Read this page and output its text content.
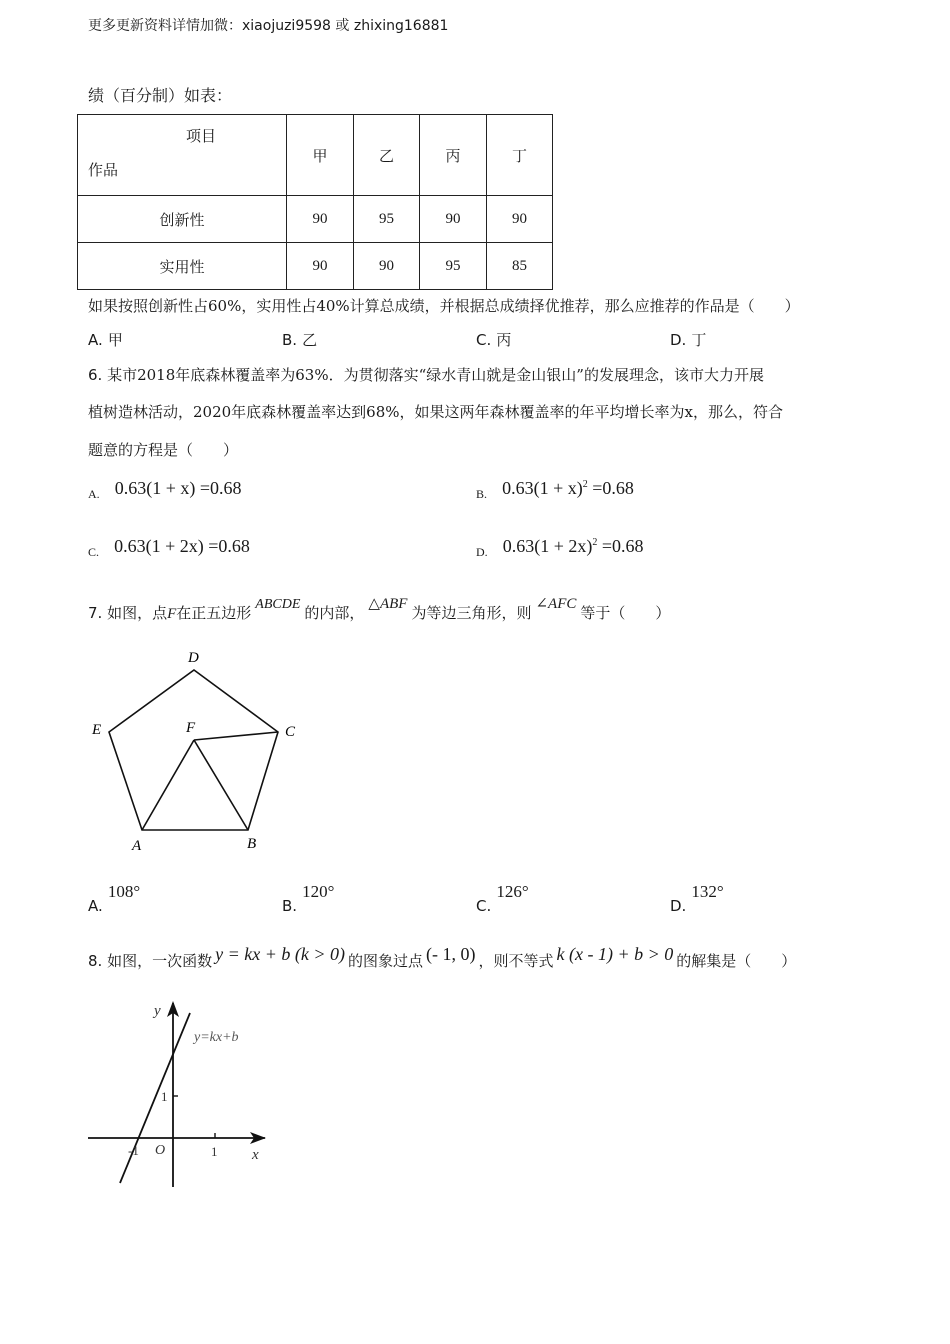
更多更新资料详情加微：xiaojuzi9598 或 zhixing16881
绩（百分制）如表：
项目
作品	甲	乙	丙	丁
创新性	90	95	90	90
实用性	90	90	95	85
如果按照创新性占60%，实用性占40%计算总成绩，并根据总成绩择优推荐，那么应推荐的作品是（　　）
A. 甲	B. 乙	C. 丙	D. 丁
6. 某市2018年底森林覆盖率为63%．为贯彻落实“绿水青山就是金山银山”的发展理念，该市大力开展
植树造林活动，2020年底森林覆盖率达到68%，如果这两年森林覆盖率的年平均增长率为x，那么，符合
题意的方程是（　　）
$_{A.}$ 0.63(1 + x) =0.68	$_{B.}$ $0.63(1 + x)^2 =0.68$
$_{C.}$ 0.63(1 + 2x) =0.68	$_{D.}$ $0.63(1 + 2x)^2 =0.68$
7. 如图，点F在正五边形 ABCDE 的内部， △ABF 为等边三角形，则 ∠AFC 等于（　　）
D
C
E	F
A	B
A. 108°
B. 120°
C. 126°
D. 132°
8. 如图，一次函数 y = kx + b (k > 0) 的图象过点 (- 1, 0) ，则不等式 k (x - 1) + b > 0 的解集是（　　）
y
x
y=kx+b
O	1
-1
1
